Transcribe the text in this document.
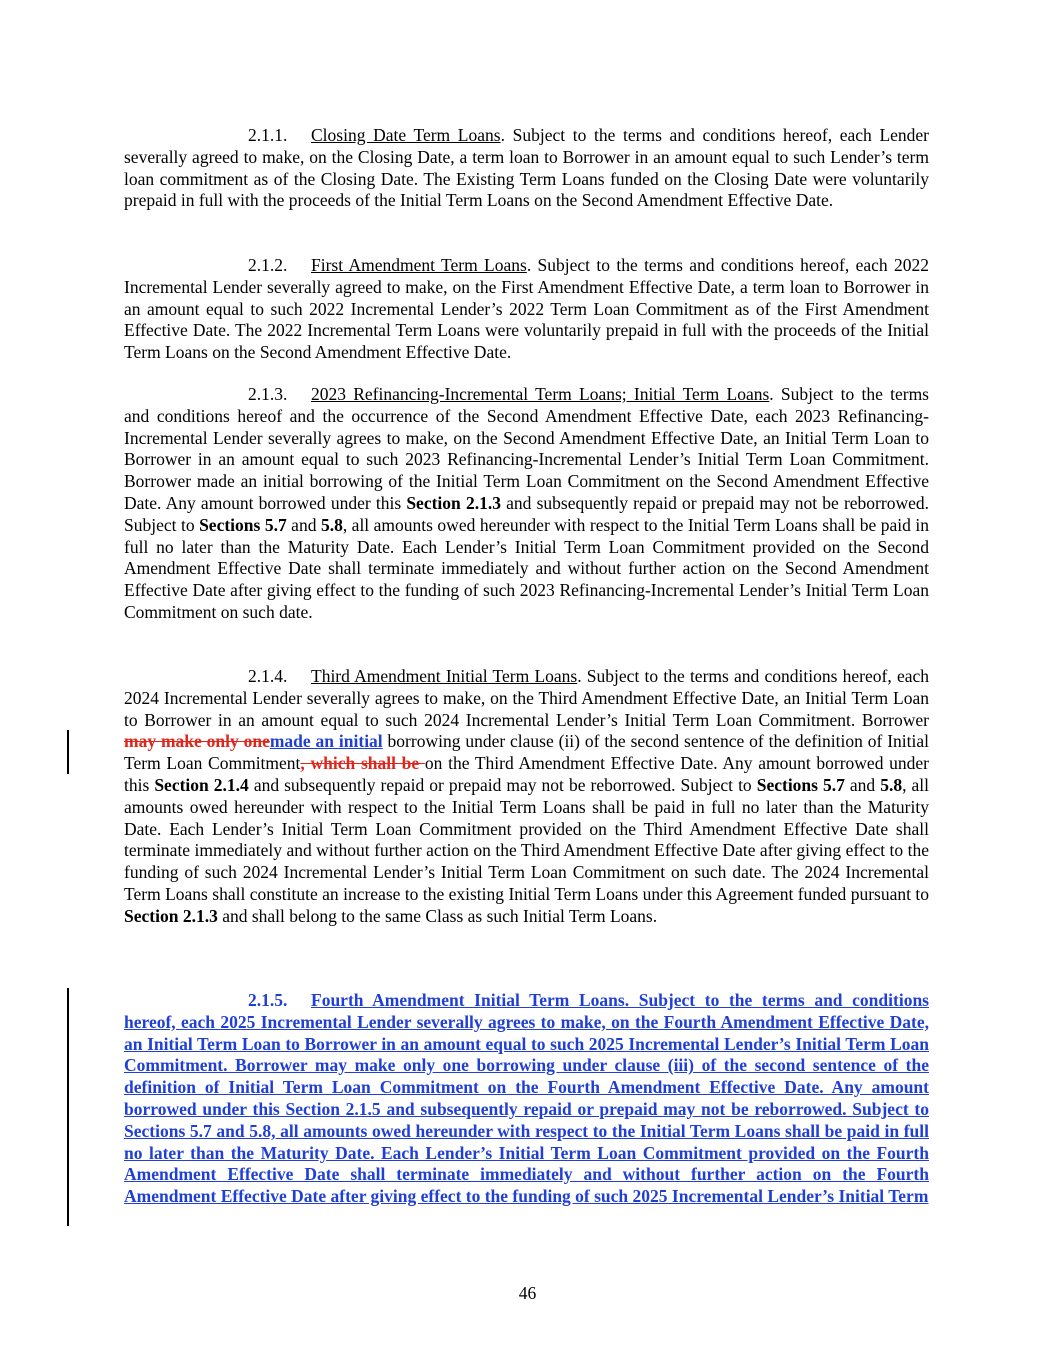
2.1.1. Closing Date Term Loans. Subject to the terms and conditions hereof, each Lender severally agreed to make, on the Closing Date, a term loan to Borrower in an amount equal to such Lender’s term loan commitment as of the Closing Date. The Existing Term Loans funded on the Closing Date were voluntarily prepaid in full with the proceeds of the Initial Term Loans on the Second Amendment Effective Date.

2.1.2. First Amendment Term Loans. Subject to the terms and conditions hereof, each 2022 Incremental Lender severally agreed to make, on the First Amendment Effective Date, a term loan to Borrower in an amount equal to such 2022 Incremental Lender’s 2022 Term Loan Commitment as of the First Amendment Effective Date. The 2022 Incremental Term Loans were voluntarily prepaid in full with the proceeds of the Initial Term Loans on the Second Amendment Effective Date.

2.1.3. 2023 Refinancing-Incremental Term Loans; Initial Term Loans. Subject to the terms and conditions hereof and the occurrence of the Second Amendment Effective Date, each 2023 Refinancing-Incremental Lender severally agrees to make, on the Second Amendment Effective Date, an Initial Term Loan to Borrower in an amount equal to such 2023 Refinancing-Incremental Lender’s Initial Term Loan Commitment. Borrower made an initial borrowing of the Initial Term Loan Commitment on the Second Amendment Effective Date. Any amount borrowed under this Section 2.1.3 and subsequently repaid or prepaid may not be reborrowed. Subject to Sections 5.7 and 5.8, all amounts owed hereunder with respect to the Initial Term Loans shall be paid in full no later than the Maturity Date. Each Lender’s Initial Term Loan Commitment provided on the Second Amendment Effective Date shall terminate immediately and without further action on the Second Amendment Effective Date after giving effect to the funding of such 2023 Refinancing-Incremental Lender’s Initial Term Loan Commitment on such date.

2.1.4. Third Amendment Initial Term Loans. Subject to the terms and conditions hereof, each 2024 Incremental Lender severally agrees to make, on the Third Amendment Effective Date, an Initial Term Loan to Borrower in an amount equal to such 2024 Incremental Lender’s Initial Term Loan Commitment. Borrower may make only onemade an initial borrowing under clause (ii) of the second sentence of the definition of Initial Term Loan Commitment, which shall be on the Third Amendment Effective Date. Any amount borrowed under this Section 2.1.4 and subsequently repaid or prepaid may not be reborrowed. Subject to Sections 5.7 and 5.8, all amounts owed hereunder with respect to the Initial Term Loans shall be paid in full no later than the Maturity Date. Each Lender’s Initial Term Loan Commitment provided on the Third Amendment Effective Date shall terminate immediately and without further action on the Third Amendment Effective Date after giving effect to the funding of such 2024 Incremental Lender’s Initial Term Loan Commitment on such date. The 2024 Incremental Term Loans shall constitute an increase to the existing Initial Term Loans under this Agreement funded pursuant to Section 2.1.3 and shall belong to the same Class as such Initial Term Loans.

2.1.5. Fourth Amendment Initial Term Loans. Subject to the terms and conditions hereof, each 2025 Incremental Lender severally agrees to make, on the Fourth Amendment Effective Date, an Initial Term Loan to Borrower in an amount equal to such 2025 Incremental Lender’s Initial Term Loan Commitment. Borrower may make only one borrowing under clause (iii) of the second sentence of the definition of Initial Term Loan Commitment on the Fourth Amendment Effective Date. Any amount borrowed under this Section 2.1.5 and subsequently repaid or prepaid may not be reborrowed. Subject to Sections 5.7 and 5.8, all amounts owed hereunder with respect to the Initial Term Loans shall be paid in full no later than the Maturity Date. Each Lender’s Initial Term Loan Commitment provided on the Fourth Amendment Effective Date shall terminate immediately and without further action on the Fourth Amendment Effective Date after giving effect to the funding of such 2025 Incremental Lender’s Initial Term

46
